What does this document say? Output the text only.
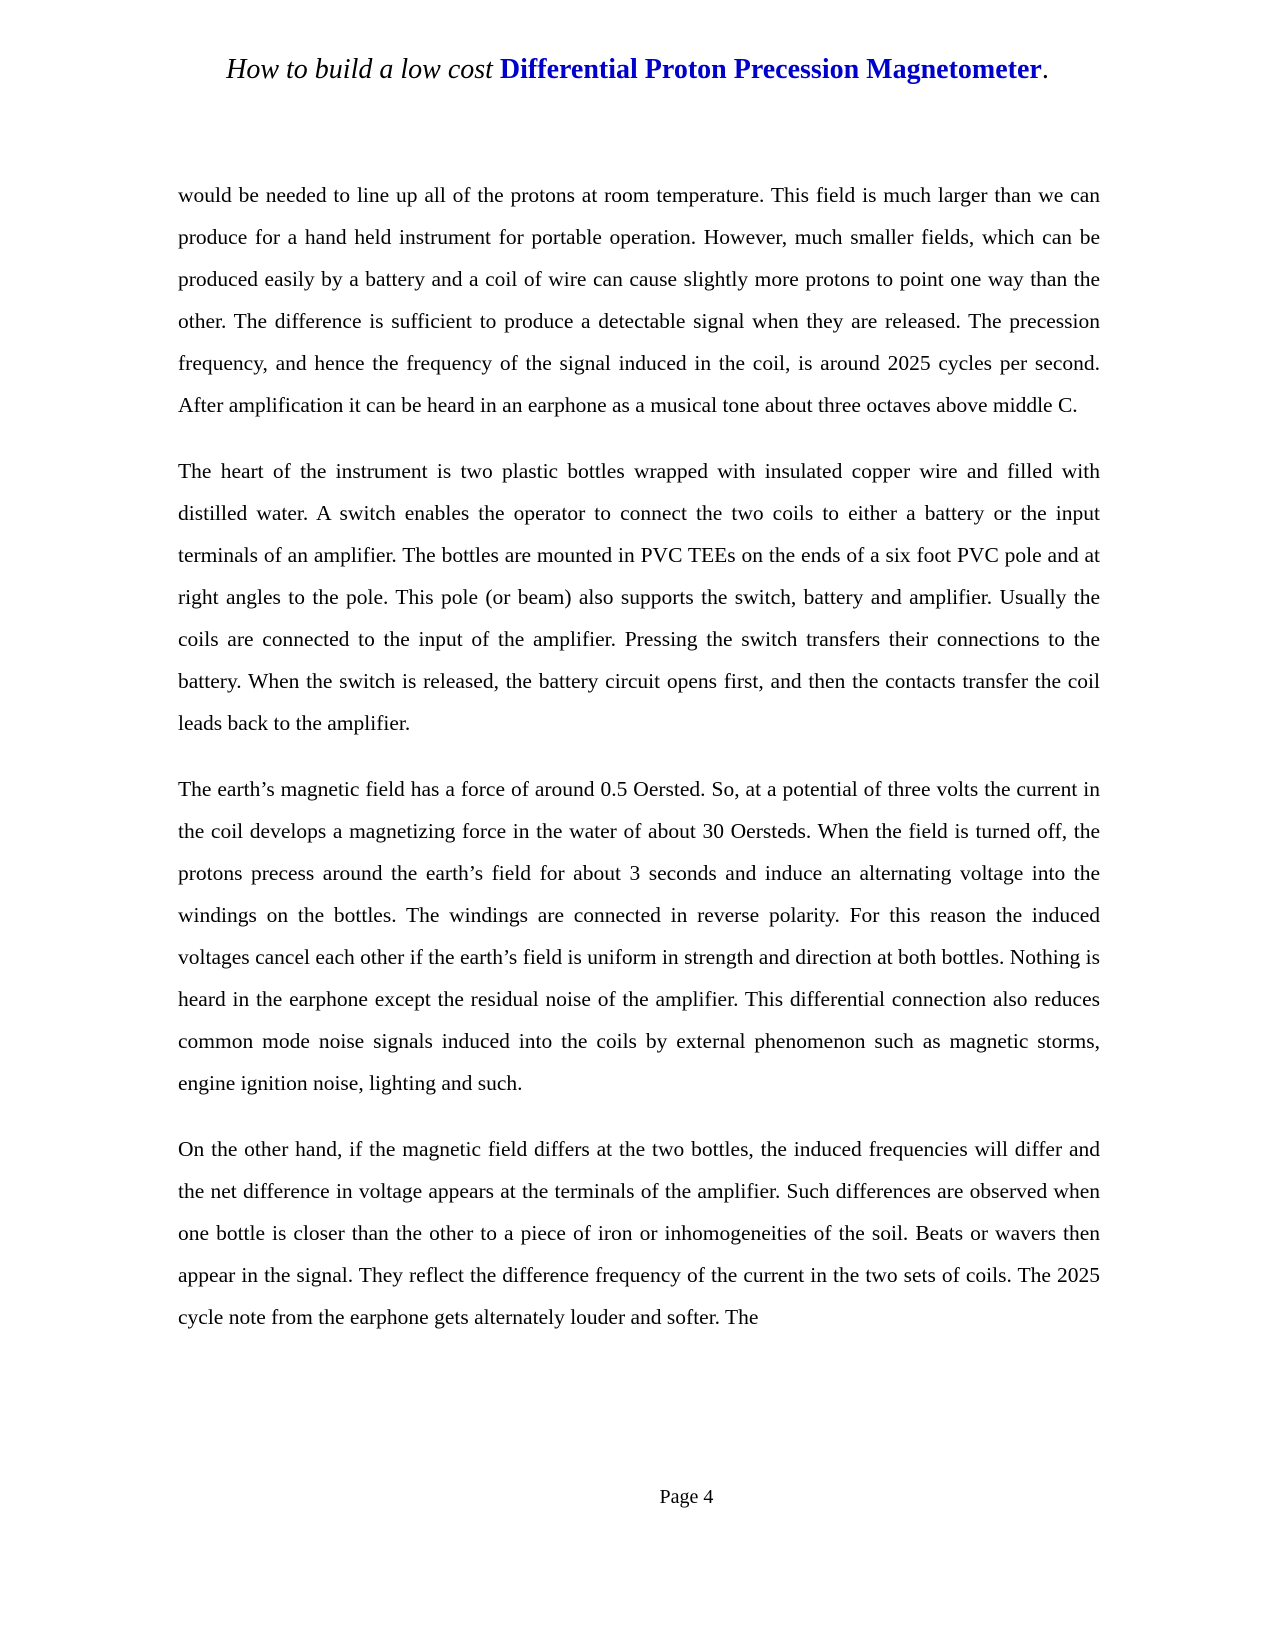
How to build a low cost Differential Proton Precession Magnetometer.

would be needed to line up all of the protons at room temperature. This field is much larger than we can produce for a hand held instrument for portable operation. However, much smaller fields, which can be produced easily by a battery and a coil of wire can cause slightly more protons to point one way than the other. The difference is sufficient to produce a detectable signal when they are released. The precession frequency, and hence the frequency of the signal induced in the coil, is around 2025 cycles per second. After amplification it can be heard in an earphone as a musical tone about three octaves above middle C.

The heart of the instrument is two plastic bottles wrapped with insulated copper wire and filled with distilled water. A switch enables the operator to connect the two coils to either a battery or the input terminals of an amplifier. The bottles are mounted in PVC TEEs on the ends of a six foot PVC pole and at right angles to the pole. This pole (or beam) also supports the switch, battery and amplifier. Usually the coils are connected to the input of the amplifier. Pressing the switch transfers their connections to the battery. When the switch is released, the battery circuit opens first, and then the contacts transfer the coil leads back to the amplifier.

The earth’s magnetic field has a force of around 0.5 Oersted. So, at a potential of three volts the current in the coil develops a magnetizing force in the water of about 30 Oersteds. When the field is turned off, the protons precess around the earth’s field for about 3 seconds and induce an alternating voltage into the windings on the bottles. The windings are connected in reverse polarity. For this reason the induced voltages cancel each other if the earth’s field is uniform in strength and direction at both bottles. Nothing is heard in the earphone except the residual noise of the amplifier. This differential connection also reduces common mode noise signals induced into the coils by external phenomenon such as magnetic storms, engine ignition noise, lighting and such.

On the other hand, if the magnetic field differs at the two bottles, the induced frequencies will differ and the net difference in voltage appears at the terminals of the amplifier. Such differences are observed when one bottle is closer than the other to a piece of iron or inhomogeneities of the soil. Beats or wavers then appear in the signal. They reflect the difference frequency of the current in the two sets of coils. The 2025 cycle note from the earphone gets alternately louder and softer. The

Page 4
